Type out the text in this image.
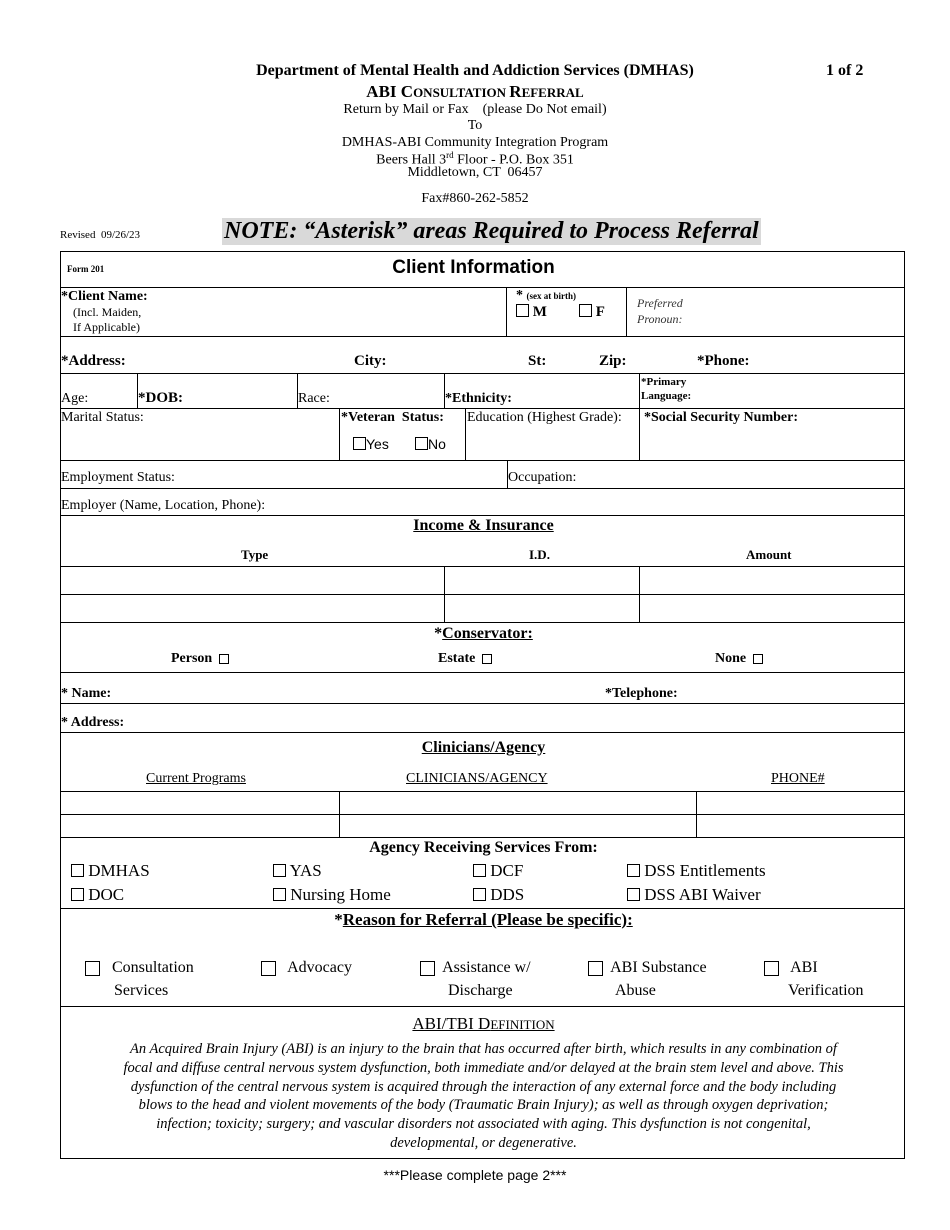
Department of Mental Health and Addiction Services (DMHAS)	1 of 2
ABI CONSULTATION REFERRAL
Return by Mail or Fax    (please Do Not email)
To
DMHAS-ABI Community Integration Program
Beers Hall 3rd Floor - P.O. Box 351
Middletown, CT  06457
Fax#860-262-5852
Revised  09/26/23	NOTE: “Asterisk” areas Required to Process Referral
Form 201	Client Information
*Client Name:
(Incl. Maiden,
If Applicable)
* (sex at birth)
M	F
Preferred
Pronoun:
*Address:	City:	St:	Zip:	*Phone:
Age:	*DOB:	Race:	*Ethnicity:
*Primary
Language:
Marital Status:	*Veteran  Status:
Yes	No
Education (Highest Grade): *Social Security Number:
Employment Status:	Occupation:
Employer (Name, Location, Phone):
Income & Insurance
Type	I.D.	Amount
*Conservator:
Person	Estate	None
* Name:	*Telephone:
* Address:
Clinicians/Agency
Current Programs	CLINICIANS/AGENCY	PHONE#
Agency Receiving Services From:
DMHAS	YAS	DCF	DSS Entitlements
DOC	Nursing Home	DDS	DSS ABI Waiver
*Reason for Referral (Please be specific):
Consultation
Services
Advocacy	Assistance w/
Discharge
ABI Substance
Abuse
ABI
Verification
ABI/TBI DEFINITION
An Acquired Brain Injury (ABI) is an injury to the brain that has occurred after birth, which results in any combination of
focal and diffuse central nervous system dysfunction, both immediate and/or delayed at the brain stem level and above. This
dysfunction of the central nervous system is acquired through the interaction of any external force and the body including
blows to the head and violent movements of the body (Traumatic Brain Injury); as well as through oxygen deprivation;
infection; toxicity; surgery; and vascular disorders not associated with aging. This dysfunction is not congenital,
developmental, or degenerative.
***Please complete page 2***
